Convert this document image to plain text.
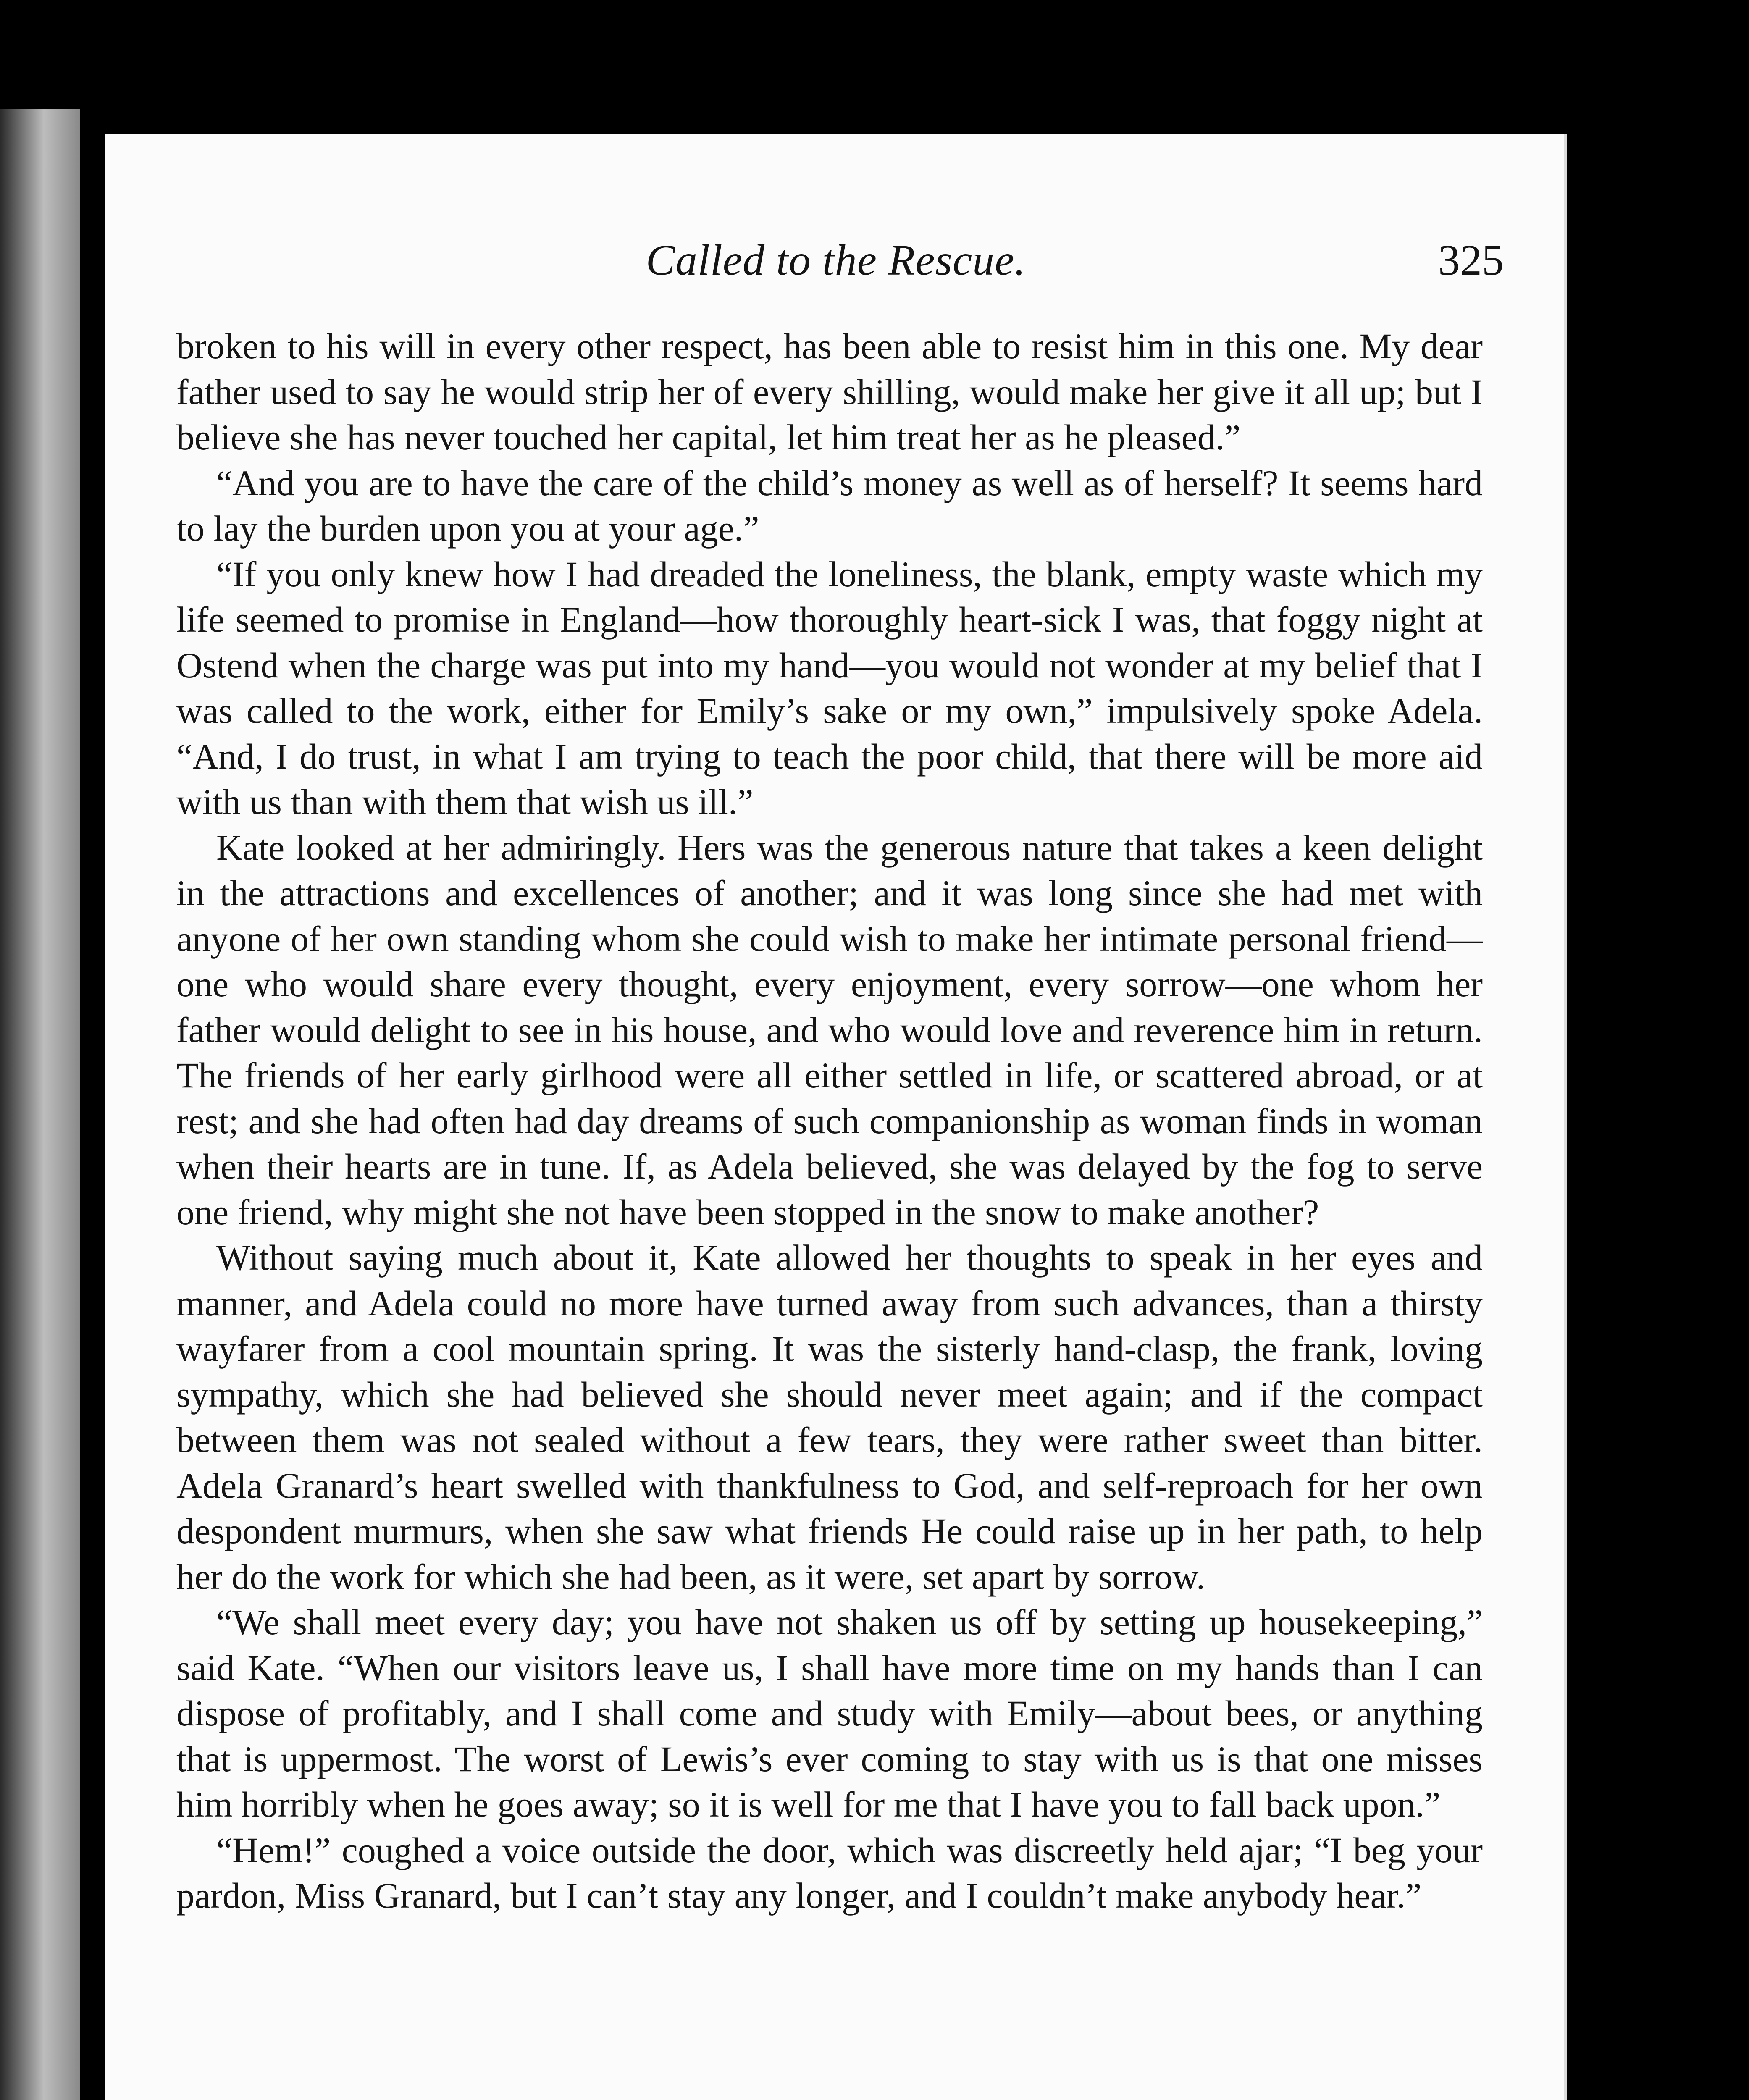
Called to the Rescue.	325

broken to his will in every other respect, has been able to resist him in this one. My dear father used to say he would strip her of every shilling, would make her give it all up; but I believe she has never touched her capital, let him treat her as he pleased.”

“And you are to have the care of the child’s money as well as of herself? It seems hard to lay the burden upon you at your age.”

“If you only knew how I had dreaded the loneliness, the blank, empty waste which my life seemed to promise in England—how thoroughly heart-sick I was, that foggy night at Ostend when the charge was put into my hand—you would not wonder at my belief that I was called to the work, either for Emily’s sake or my own,” impulsively spoke Adela. “And, I do trust, in what I am trying to teach the poor child, that there will be more aid with us than with them that wish us ill.”

Kate looked at her admiringly. Hers was the generous nature that takes a keen delight in the attractions and excellences of another; and it was long since she had met with anyone of her own standing whom she could wish to make her intimate personal friend—one who would share every thought, every enjoyment, every sorrow—one whom her father would delight to see in his house, and who would love and reverence him in return. The friends of her early girlhood were all either settled in life, or scattered abroad, or at rest; and she had often had day dreams of such companionship as woman finds in woman when their hearts are in tune. If, as Adela believed, she was delayed by the fog to serve one friend, why might she not have been stopped in the snow to make another?

Without saying much about it, Kate allowed her thoughts to speak in her eyes and manner, and Adela could no more have turned away from such advances, than a thirsty wayfarer from a cool mountain spring. It was the sisterly hand-clasp, the frank, loving sympathy, which she had believed she should never meet again; and if the compact between them was not sealed without a few tears, they were rather sweet than bitter. Adela Granard’s heart swelled with thankfulness to God, and self-reproach for her own despondent murmurs, when she saw what friends He could raise up in her path, to help her do the work for which she had been, as it were, set apart by sorrow.

“We shall meet every day; you have not shaken us off by setting up housekeeping,” said Kate. “When our visitors leave us, I shall have more time on my hands than I can dispose of profitably, and I shall come and study with Emily—about bees, or anything that is uppermost. The worst of Lewis’s ever coming to stay with us is that one misses him horribly when he goes away; so it is well for me that I have you to fall back upon.”

“Hem!” coughed a voice outside the door, which was discreetly held ajar; “I beg your pardon, Miss Granard, but I can’t stay any longer, and I couldn’t make anybody hear.”
